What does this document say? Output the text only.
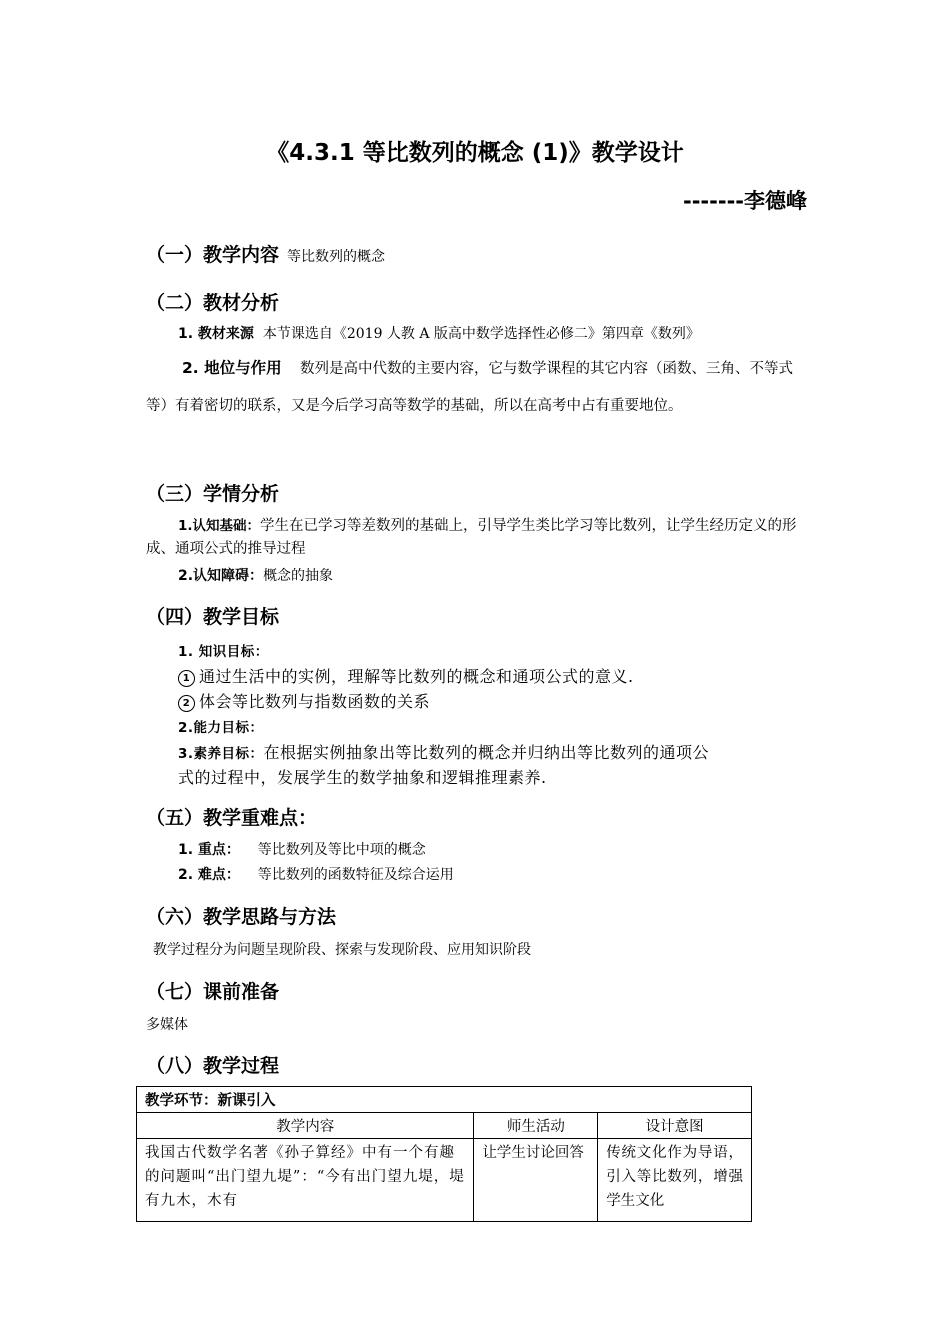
《4.3.1 等比数列的概念 (1)》教学设计
-------李德峰
（一）教学内容 等比数列的概念
（二）教材分析
1. 教材来源 本节课选自《2019 人教 A 版高中数学选择性必修二》第四章《数列》
2. 地位与作用 数列是高中代数的主要内容，它与数学课程的其它内容（函数、三角、不等式等）有着密切的联系，又是今后学习高等数学的基础，所以在高考中占有重要地位。
（三）学情分析
1.认知基础：学生在已学习等差数列的基础上，引导学生类比学习等比数列，让学生经历定义的形成、通项公式的推导过程
2.认知障碍：概念的抽象
（四）教学目标
1. 知识目标：
1 通过生活中的实例，理解等比数列的概念和通项公式的意义.
2 体会等比数列与指数函数的关系
2.能力目标：
3.素养目标：在根据实例抽象出等比数列的概念并归纳出等比数列的通项公
式的过程中，发展学生的数学抽象和逻辑推理素养.
（五）教学重难点：
1. 重点： 等比数列及等比中项的概念
2. 难点： 等比数列的函数特征及综合运用
（六）教学思路与方法
教学过程分为问题呈现阶段、探索与发现阶段、应用知识阶段
（七）课前准备
多媒体
（八）教学过程
教学环节：新课引入		
教学内容	师生活动	设计意图
我国古代数学名著《孙子算经》中有一个有趣的问题叫“出门望九堤”：“今有出门望九堤，堤有九木，木有	让学生讨论回答	传统文化作为导语，引入等比数列，增强学生文化
